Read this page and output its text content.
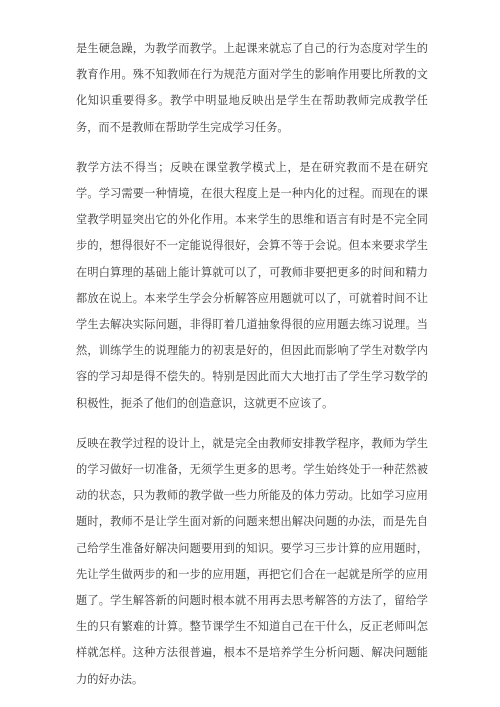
是生硬急躁，为教学而教学。上起课来就忘了自己的行为态度对学生的教育作用。殊不知教师在行为规范方面对学生的影响作用要比所教的文化知识重要得多。教学中明显地反映出是学生在帮助教师完成教学任务，而不是教师在帮助学生完成学习任务。

教学方法不得当；反映在课堂教学模式上，是在研究教而不是在研究学。学习需要一种情境，在很大程度上是一种内化的过程。而现在的课堂教学明显突出它的外化作用。本来学生的思维和语言有时是不完全同步的，想得很好不一定能说得很好，会算不等于会说。但本来要求学生在明白算理的基础上能计算就可以了，可教师非要把更多的时间和精力都放在说上。本来学生学会分析解答应用题就可以了，可就着时间不让学生去解决实际问题，非得盯着几道抽象得很的应用题去练习说理。当然，训练学生的说理能力的初衷是好的，但因此而影响了学生对数学内容的学习却是得不偿失的。特别是因此而大大地打击了学生学习数学的积极性，扼杀了他们的创造意识，这就更不应该了。

反映在教学过程的设计上，就是完全由教师安排教学程序，教师为学生的学习做好一切准备，无须学生更多的思考。学生始终处于一种茫然被动的状态，只为教师的教学做一些力所能及的体力劳动。比如学习应用题时，教师不是让学生面对新的问题来想出解决问题的办法，而是先自己给学生准备好解决问题要用到的知识。要学习三步计算的应用题时，先让学生做两步的和一步的应用题，再把它们合在一起就是所学的应用题了。学生解答新的问题时根本就不用再去思考解答的方法了，留给学生的只有繁难的计算。整节课学生不知道自己在干什么，反正老师叫怎样就怎样。这种方法很普遍，根本不是培养学生分析问题、解决问题能力的好办法。
